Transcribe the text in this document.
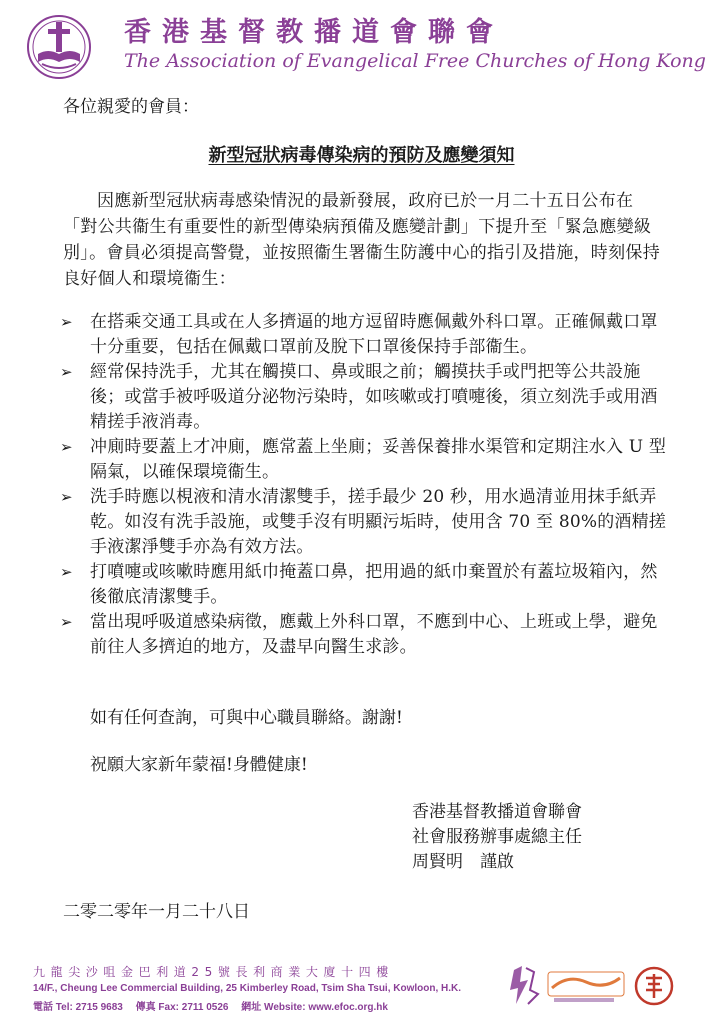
香港基督教播道會聯會
The Association of Evangelical Free Churches of Hong Kong
各位親愛的會員：
新型冠狀病毒傳染病的預防及應變須知
因應新型冠狀病毒感染情況的最新發展，政府已於一月二十五日公布在「對公共衞生有重要性的新型傳染病預備及應變計劃」下提升至「緊急應變級別」。會員必須提高警覺，並按照衞生署衞生防護中心的指引及措施，時刻保持良好個人和環境衞生：
➢ 在搭乘交通工具或在人多擠逼的地方逗留時應佩戴外科口罩。正確佩戴口罩十分重要，包括在佩戴口罩前及脫下口罩後保持手部衞生。
➢ 經常保持洗手，尤其在觸摸口、鼻或眼之前；觸摸扶手或門把等公共設施後；或當手被呼吸道分泌物污染時，如咳嗽或打噴嚏後，須立刻洗手或用酒精搓手液消毒。
➢ 冲廁時要蓋上才冲廁，應常蓋上坐廁；妥善保養排水渠管和定期注水入 U 型隔氣，以確保環境衞生。
➢ 洗手時應以梘液和清水清潔雙手，搓手最少 20 秒，用水過清並用抹手紙弄乾。如沒有洗手設施，或雙手沒有明顯污垢時，使用含 70 至 80%的酒精搓手液潔淨雙手亦為有效方法。
➢ 打噴嚏或咳嗽時應用紙巾掩蓋口鼻，把用過的紙巾棄置於有蓋垃圾箱內，然後徹底清潔雙手。
➢ 當出現呼吸道感染病徵，應戴上外科口罩，不應到中心、上班或上學，避免前往人多擠迫的地方，及盡早向醫生求診。
如有任何查詢，可與中心職員聯絡。謝謝!
祝願大家新年蒙福!身體健康!
香港基督教播道會聯會
社會服務辦事處總主任
周賢明　謹啟
二零二零年一月二十八日
九龍尖沙咀金巴利道25號長利商業大廈十四樓
14/F., Cheung Lee Commercial Building, 25 Kimberley Road, Tsim Sha Tsui, Kowloon, H.K.
電話 Tel: 2715 9683 傳真 Fax: 2711 0526 網址 Website: www.efoc.org.hk
